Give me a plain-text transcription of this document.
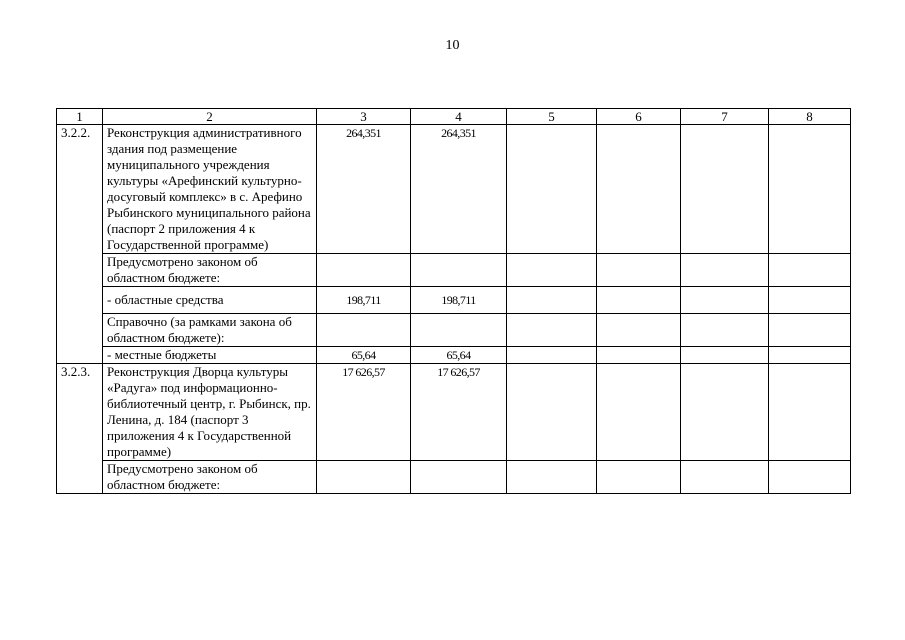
10
1	2	3	4	5	6	7	8
3.2.2.	Реконструкция административного здания под размещение муниципального учреждения культуры «Арефинский культурно-досуговый комплекс» в с. Арефино Рыбинского муниципального района (паспорт 2 приложения 4 к Государственной программе)	264,351	264,351				
	Предусмотрено законом об областном бюджете:						
	- областные средства	198,711	198,711				
	Справочно (за рамками закона об областном бюджете):						
	- местные бюджеты	65,64	65,64				
3.2.3.	Реконструкция Дворца культуры «Радуга» под информационно-библиотечный центр, г. Рыбинск, пр. Ленина, д. 184 (паспорт 3 приложения 4 к Государственной программе)	17 626,57	17 626,57				
	Предусмотрено законом об областном бюджете:						
